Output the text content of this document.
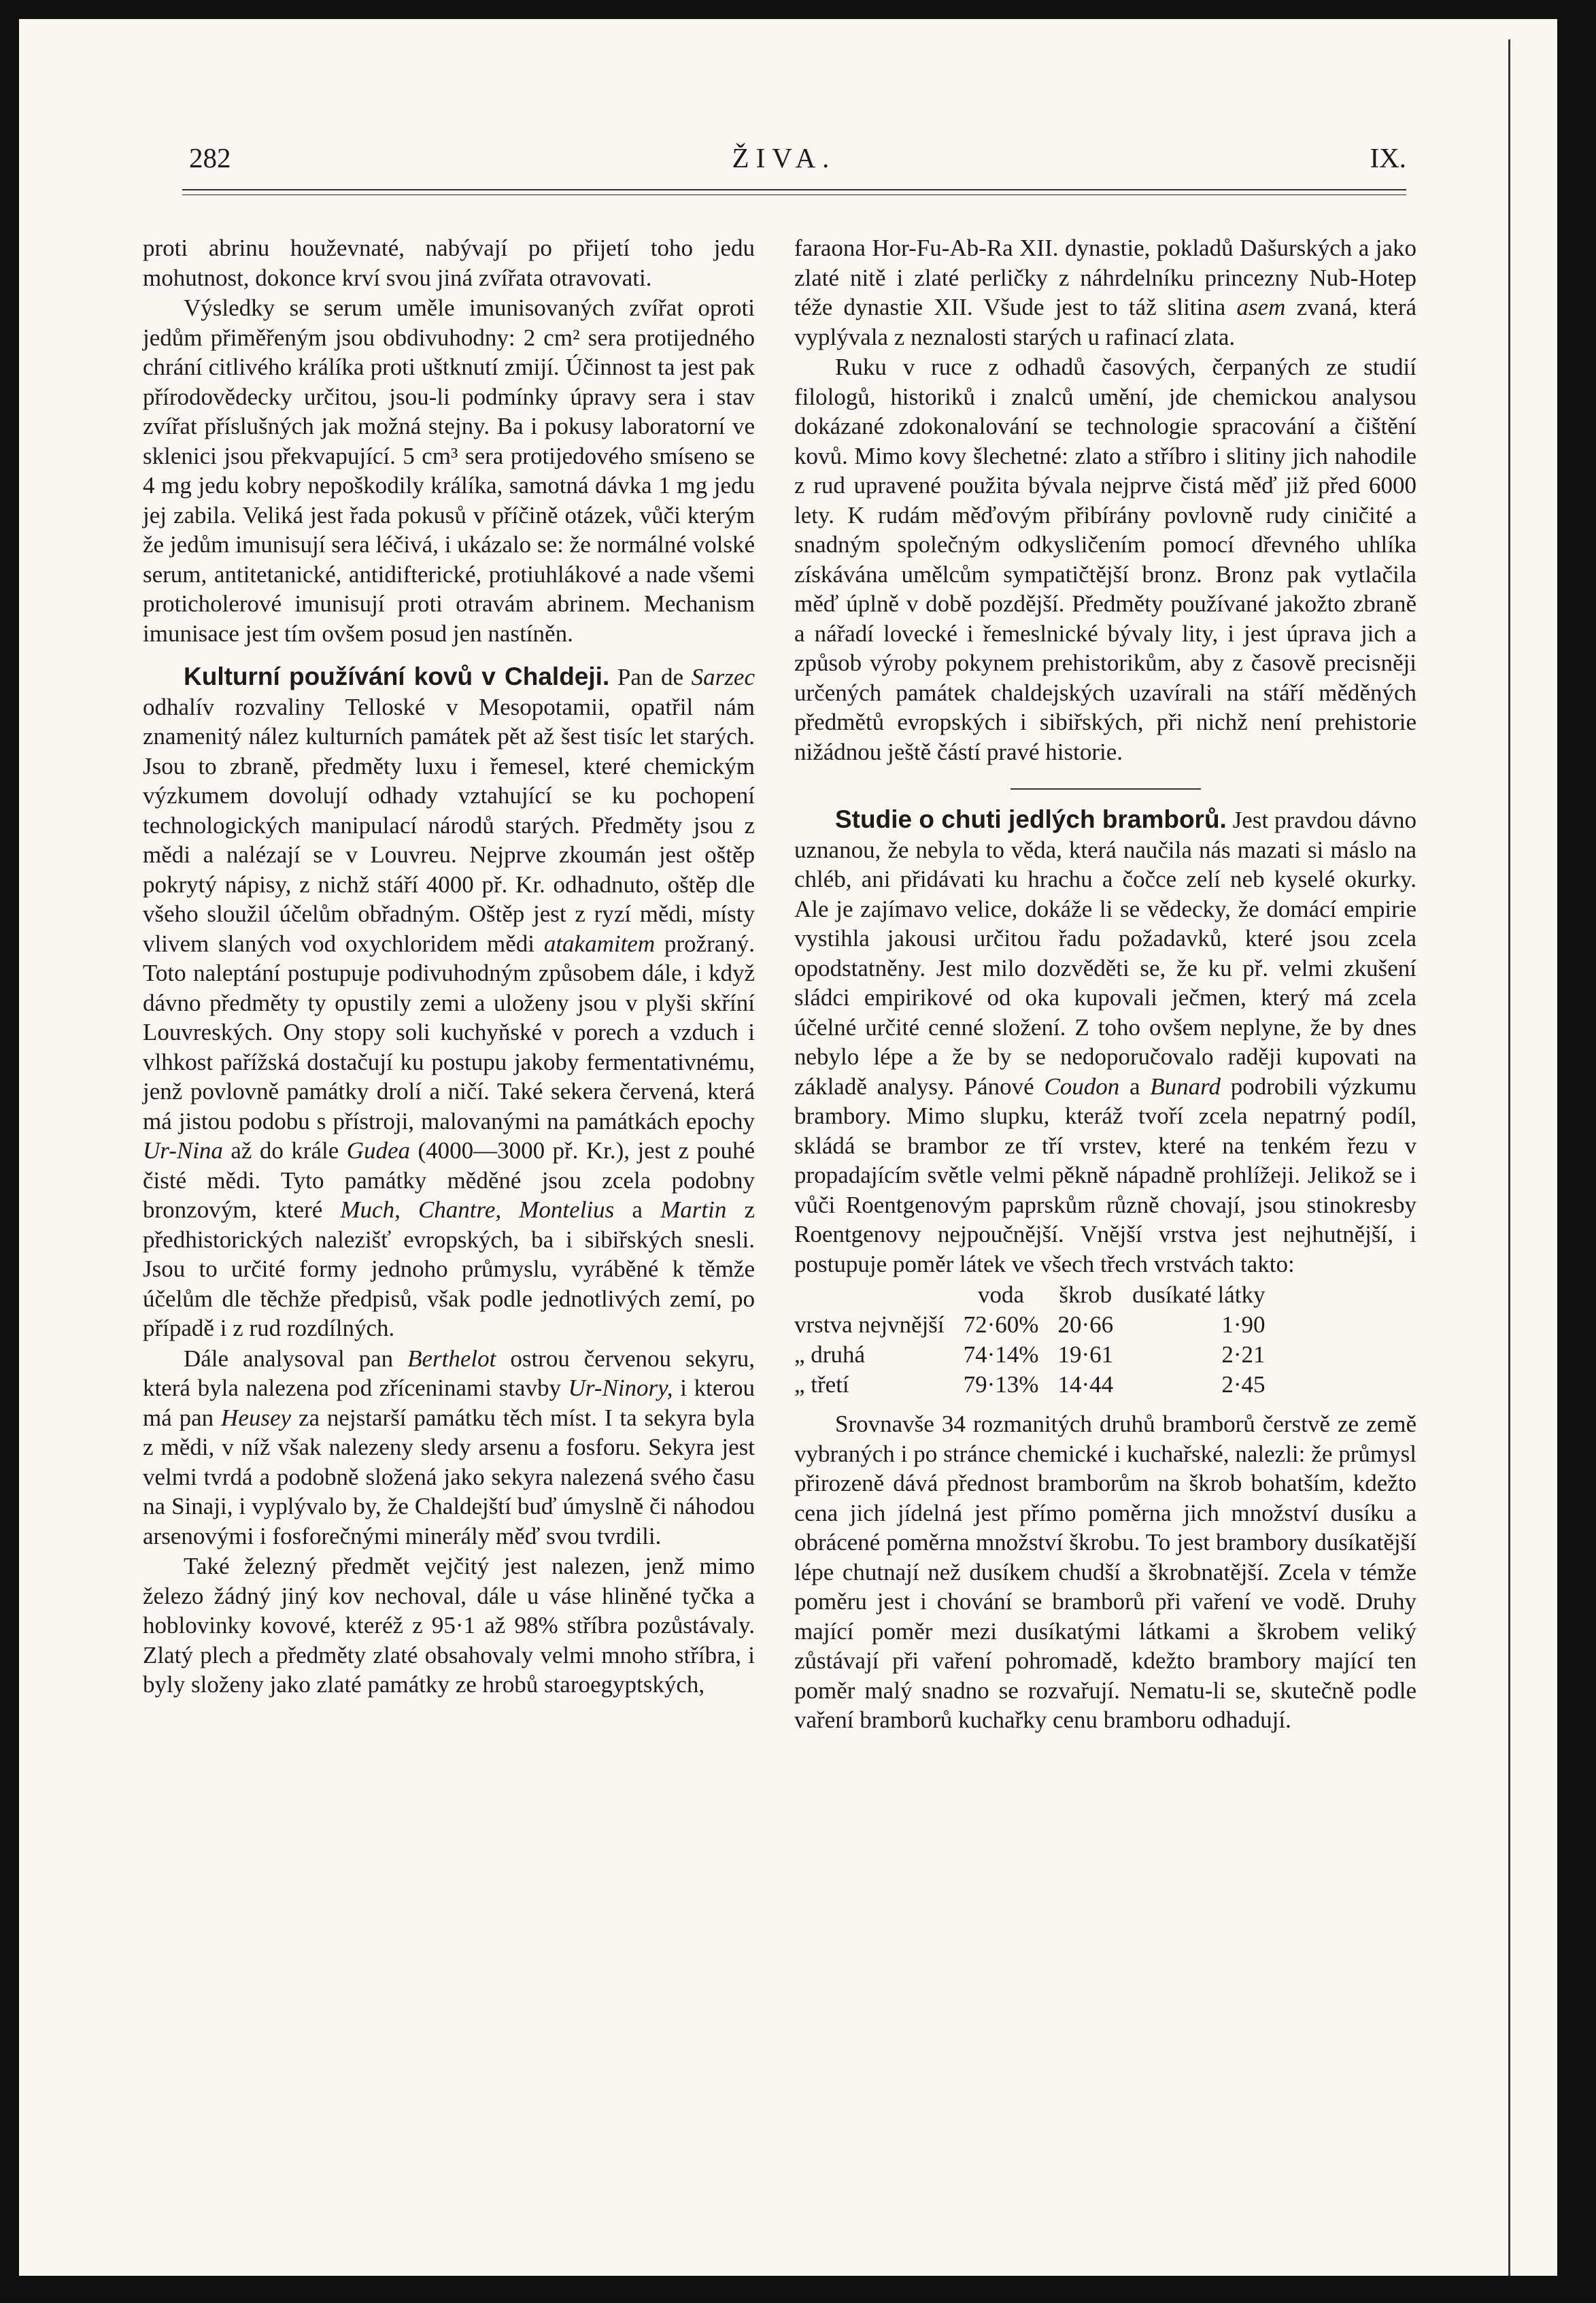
282	ŽIVA.	IX.

proti abrinu houževnaté, nabývají po přijetí toho jedu mohutnost, dokonce krví svou jiná zvířata otravovati.

Výsledky se serum uměle imunisovaných zvířat oproti jedům přiměřeným jsou obdivuhodny: 2 cm² sera protijedného chrání citlivého králíka proti uštknutí zmijí. Účinnost ta jest pak přírodovědecky určitou, jsou-li podmínky úpravy sera i stav zvířat příslušných jak možná stejny. Ba i pokusy laboratorní ve sklenici jsou překvapující. 5 cm³ sera protijedového smíseno se 4 mg jedu kobry nepoškodily králíka, samotná dávka 1 mg jedu jej zabila. Veliká jest řada pokusů v příčině otázek, vůči kterým že jedům imunisují sera léčivá, i ukázalo se: že normálné volské serum, antitetanické, antidifterické, protiuhlákové a nade všemi proticholerové imunisují proti otravám abrinem. Mechanism imunisace jest tím ovšem posud jen nastíněn.

Kulturní používání kovů v Chaldeji. Pan de Sarzec odhalív rozvaliny Telloské v Mesopotamii, opatřil nám znamenitý nález kulturních památek pět až šest tisíc let starých. Jsou to zbraně, předměty luxu i řemesel, které chemickým výzkumem dovolují odhady vztahující se ku pochopení technologických manipulací národů starých. Předměty jsou z mědi a nalézají se v Louvreu. Nejprve zkoumán jest oštěp pokrytý nápisy, z nichž stáří 4000 př. Kr. odhadnuto, oštěp dle všeho sloužil účelům obřadným. Oštěp jest z ryzí mědi, místy vlivem slaných vod oxychloridem mědi atakamitem prožraný. Toto naleptání postupuje podivuhodným způsobem dále, i když dávno předměty ty opustily zemi a uloženy jsou v plyši skříní Louvreských. Ony stopy soli kuchyňské v porech a vzduch i vlhkost pařížská dostačují ku postupu jakoby fermentativnému, jenž povlovně památky drolí a ničí. Také sekera červená, která má jistou podobu s přístroji, malovanými na památkách epochy Ur-Nina až do krále Gudea (4000—3000 př. Kr.), jest z pouhé čisté mědi. Tyto památky měděné jsou zcela podobny bronzovým, které Much, Chantre, Montelius a Martin z předhistorických nalezišť evropských, ba i sibiřských snesli. Jsou to určité formy jednoho průmyslu, vyráběné k těmže účelům dle těchže předpisů, však podle jednotlivých zemí, po případě i z rud rozdílných.

Dále analysoval pan Berthelot ostrou červenou sekyru, která byla nalezena pod zříceninami stavby Ur-Ninory, i kterou má pan Heusey za nejstarší památku těch míst. I ta sekyra byla z mědi, v níž však nalezeny sledy arsenu a fosforu. Sekyra jest velmi tvrdá a podobně složená jako sekyra nalezená svého času na Sinaji, i vyplývalo by, že Chaldejští buď úmyslně či náhodou arsenovými i fosforečnými minerály měď svou tvrdili.

Také železný předmět vejčitý jest nalezen, jenž mimo železo žádný jiný kov nechoval, dále u váse hliněné tyčka a hoblovinky kovové, kteréž z 95·1 až 98% stříbra pozůstávaly. Zlatý plech a předměty zlaté obsahovaly velmi mnoho stříbra, i byly složeny jako zlaté památky ze hrobů staroegyptských,

faraona Hor-Fu-Ab-Ra XII. dynastie, pokladů Dašurských a jako zlaté nitě i zlaté perličky z náhrdelníku princezny Nub-Hotep téže dynastie XII. Všude jest to táž slitina asem zvaná, která vyplývala z neznalosti starých u rafinací zlata.

Ruku v ruce z odhadů časových, čerpaných ze studií filologů, historiků i znalců umění, jde chemickou analysou dokázané zdokonalování se technologie spracování a čištění kovů. Mimo kovy šlechetné: zlato a stříbro i slitiny jich nahodile z rud upravené použita bývala nejprve čistá měď již před 6000 lety. K rudám měďovým přibírány povlovně rudy ciničité a snadným společným odkysličením pomocí dřevného uhlíka získávána umělcům sympatičtější bronz. Bronz pak vytlačila měď úplně v době pozdější. Předměty používané jakožto zbraně a nářadí lovecké i řemeslnické bývaly lity, i jest úprava jich a způsob výroby pokynem prehistorikům, aby z časově precisněji určených památek chaldejských uzavírali na stáří měděných předmětů evropských i sibiřských, při nichž není prehistorie nižádnou ještě částí pravé historie.

Studie o chuti jedlých bramborů. Jest pravdou dávno uznanou, že nebyla to věda, která naučila nás mazati si máslo na chléb, ani přidávati ku hrachu a čočce zelí neb kyselé okurky. Ale je zajímavo velice, dokáže li se vědecky, že domácí empirie vystihla jakousi určitou řadu požadavků, které jsou zcela opodstatněny. Jest milo dozvěděti se, že ku př. velmi zkušení sládci empirikové od oka kupovali ječmen, který má zcela účelné určité cenné složení. Z toho ovšem neplyne, že by dnes nebylo lépe a že by se nedoporučovalo raději kupovati na základě analysy. Pánové Coudon a Bunard podrobili výzkumu brambory. Mimo slupku, kteráž tvoří zcela nepatrný podíl, skládá se brambor ze tří vrstev, které na tenkém řezu v propadajícím světle velmi pěkně nápadně prohlížeji. Jelikož se i vůči Roentgenovým paprskům různě chovají, jsou stinokresby Roentgenovy nejpoučnější. Vnější vrstva jest nejhutnější, i postupuje poměr látek ve všech třech vrstvách takto:

	voda	škrob	dusíkaté látky
vrstva nejvnější	72·60%	20·66	1·90
„ druhá	74·14%	19·61	2·21
„ třetí	79·13%	14·44	2·45

Srovnavše 34 rozmanitých druhů bramborů čerstvě ze země vybraných i po stránce chemické i kuchařské, nalezli: že průmysl přirozeně dává přednost bramborům na škrob bohatším, kdežto cena jich jídelná jest přímo poměrna jich množství dusíku a obrácené poměrna množství škrobu. To jest brambory dusíkatější lépe chutnají než dusíkem chudší a škrobnatější. Zcela v témže poměru jest i chování se bramborů při vaření ve vodě. Druhy mající poměr mezi dusíkatými látkami a škrobem veliký zůstávají při vaření pohromadě, kdežto brambory mající ten poměr malý snadno se rozvařují. Nematu-li se, skutečně podle vaření bramborů kuchařky cenu bramboru odhadují.
